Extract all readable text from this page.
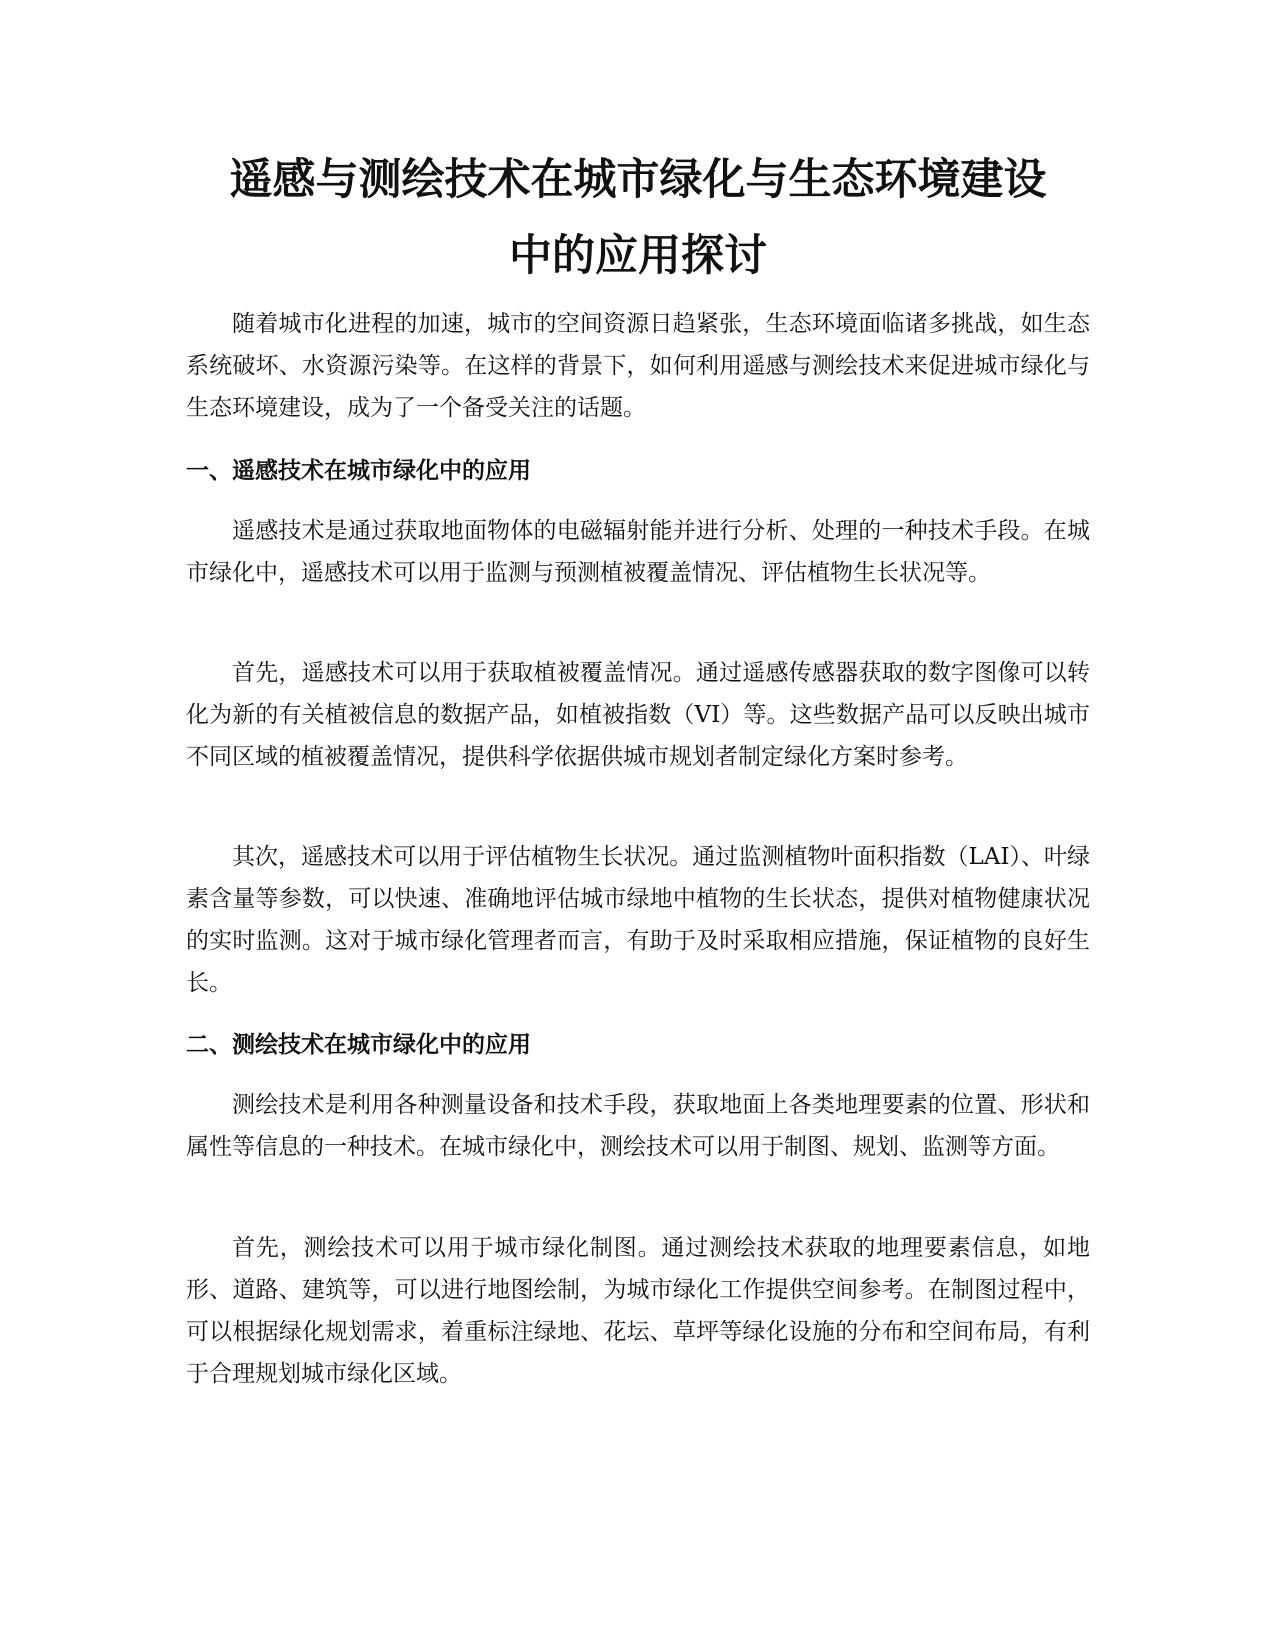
遥感与测绘技术在城市绿化与生态环境建设
中的应用探讨

随着城市化进程的加速，城市的空间资源日趋紧张，生态环境面临诸多挑战，如生态系统破坏、水资源污染等。在这样的背景下，如何利用遥感与测绘技术来促进城市绿化与生态环境建设，成为了一个备受关注的话题。

一、遥感技术在城市绿化中的应用

遥感技术是通过获取地面物体的电磁辐射能并进行分析、处理的一种技术手段。在城市绿化中，遥感技术可以用于监测与预测植被覆盖情况、评估植物生长状况等。

首先，遥感技术可以用于获取植被覆盖情况。通过遥感传感器获取的数字图像可以转化为新的有关植被信息的数据产品，如植被指数（VI）等。这些数据产品可以反映出城市不同区域的植被覆盖情况，提供科学依据供城市规划者制定绿化方案时参考。

其次，遥感技术可以用于评估植物生长状况。通过监测植物叶面积指数（LAI）、叶绿素含量等参数，可以快速、准确地评估城市绿地中植物的生长状态，提供对植物健康状况的实时监测。这对于城市绿化管理者而言，有助于及时采取相应措施，保证植物的良好生长。

二、测绘技术在城市绿化中的应用

测绘技术是利用各种测量设备和技术手段，获取地面上各类地理要素的位置、形状和属性等信息的一种技术。在城市绿化中，测绘技术可以用于制图、规划、监测等方面。

首先，测绘技术可以用于城市绿化制图。通过测绘技术获取的地理要素信息，如地形、道路、建筑等，可以进行地图绘制，为城市绿化工作提供空间参考。在制图过程中，可以根据绿化规划需求，着重标注绿地、花坛、草坪等绿化设施的分布和空间布局，有利于合理规划城市绿化区域。
